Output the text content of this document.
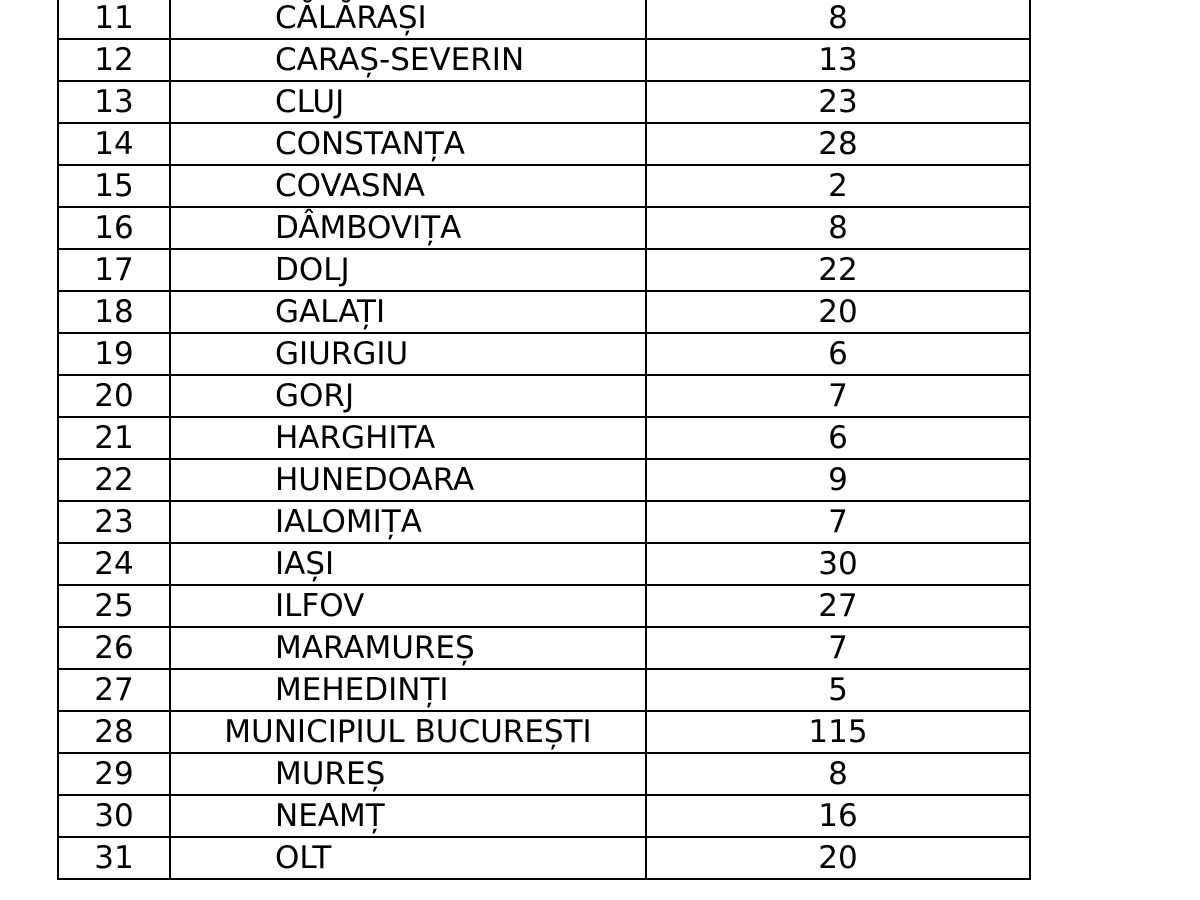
11	CĂLĂRAȘI	8
12	CARAȘ-SEVERIN	13
13	CLUJ	23
14	CONSTANȚA	28
15	COVASNA	2
16	DÂMBOVIȚA	8
17	DOLJ	22
18	GALAȚI	20
19	GIURGIU	6
20	GORJ	7
21	HARGHITA	6
22	HUNEDOARA	9
23	IALOMIȚA	7
24	IAȘI	30
25	ILFOV	27
26	MARAMUREȘ	7
27	MEHEDINȚI	5
28	MUNICIPIUL BUCUREȘTI	115
29	MUREȘ	8
30	NEAMȚ	16
31	OLT	20
